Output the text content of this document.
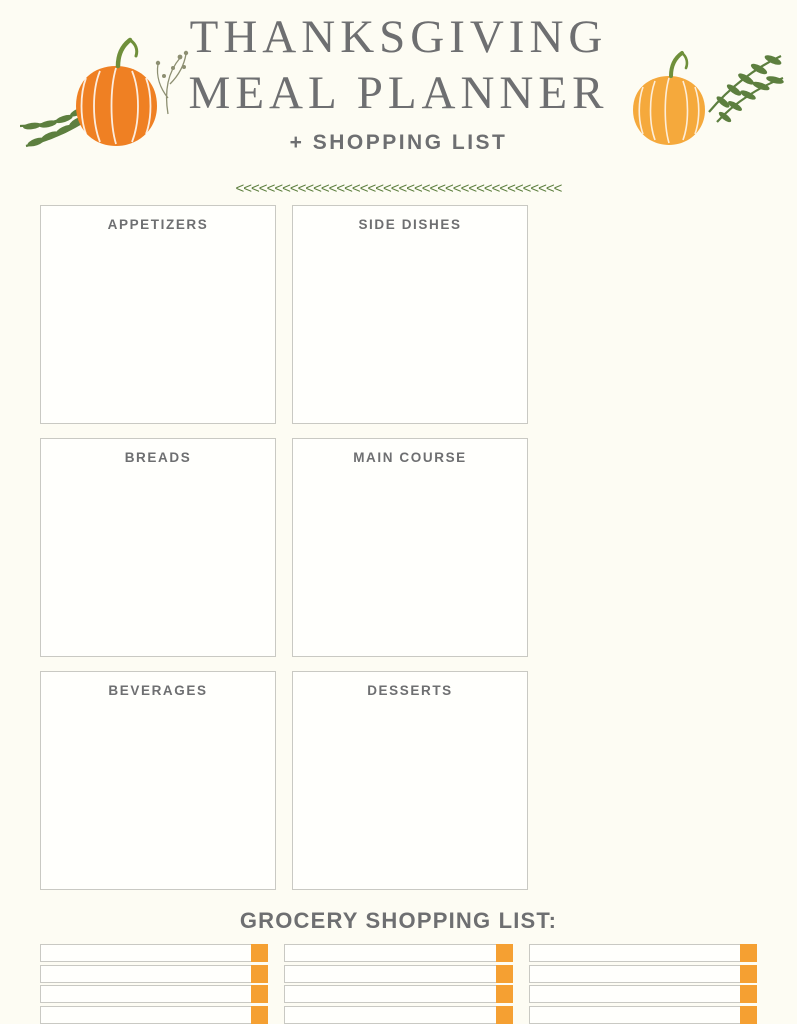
THANKSGIVING
MEAL PLANNER
+ SHOPPING LIST
<<<<<<<<<<<<<<<<<<<<<<<<<<<<<<<<<<<<<<<<<<
APPETIZERS	SIDE DISHES
BREADS	MAIN COURSE
BEVERAGES	DESSERTS
GROCERY SHOPPING LIST:
